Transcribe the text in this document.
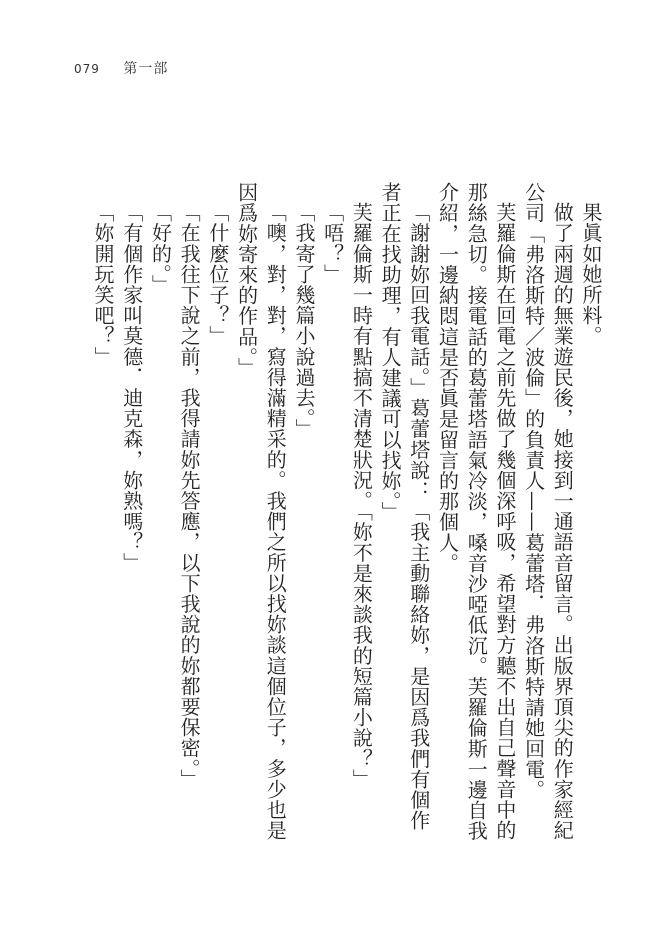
079 第一部

果眞如她所料。

做了兩週的無業遊民後，她接到一通語音留言。出版界頂尖的作家經紀公司「弗洛斯特／波倫」的負責人——葛蕾塔．弗洛斯特請她回電。

芙羅倫斯在回電之前先做了幾個深呼吸，希望對方聽不出自己聲音中的那絲急切。接電話的葛蕾塔語氣冷淡，嗓音沙啞低沉。芙羅倫斯一邊自我介紹，一邊納悶這是否眞是留言的那個人。

「謝謝妳回我電話。」葛蕾塔說：「我主動聯絡妳，是因爲我們有個作者正在找助理，有人建議可以找妳。」

芙羅倫斯一時有點搞不清楚狀況。「妳不是來談我的短篇小說？」

「唔？」

「我寄了幾篇小說過去。」

「噢，對，對，寫得滿精采的。我們之所以找妳談這個位子，多少也是因爲妳寄來的作品。」

「什麼位子？」

「在我往下說之前，我得請妳先答應，以下我說的妳都要保密。」

「好的。」

「有個作家叫莫德．迪克森，妳熟嗎？」

「妳開玩笑吧？」
